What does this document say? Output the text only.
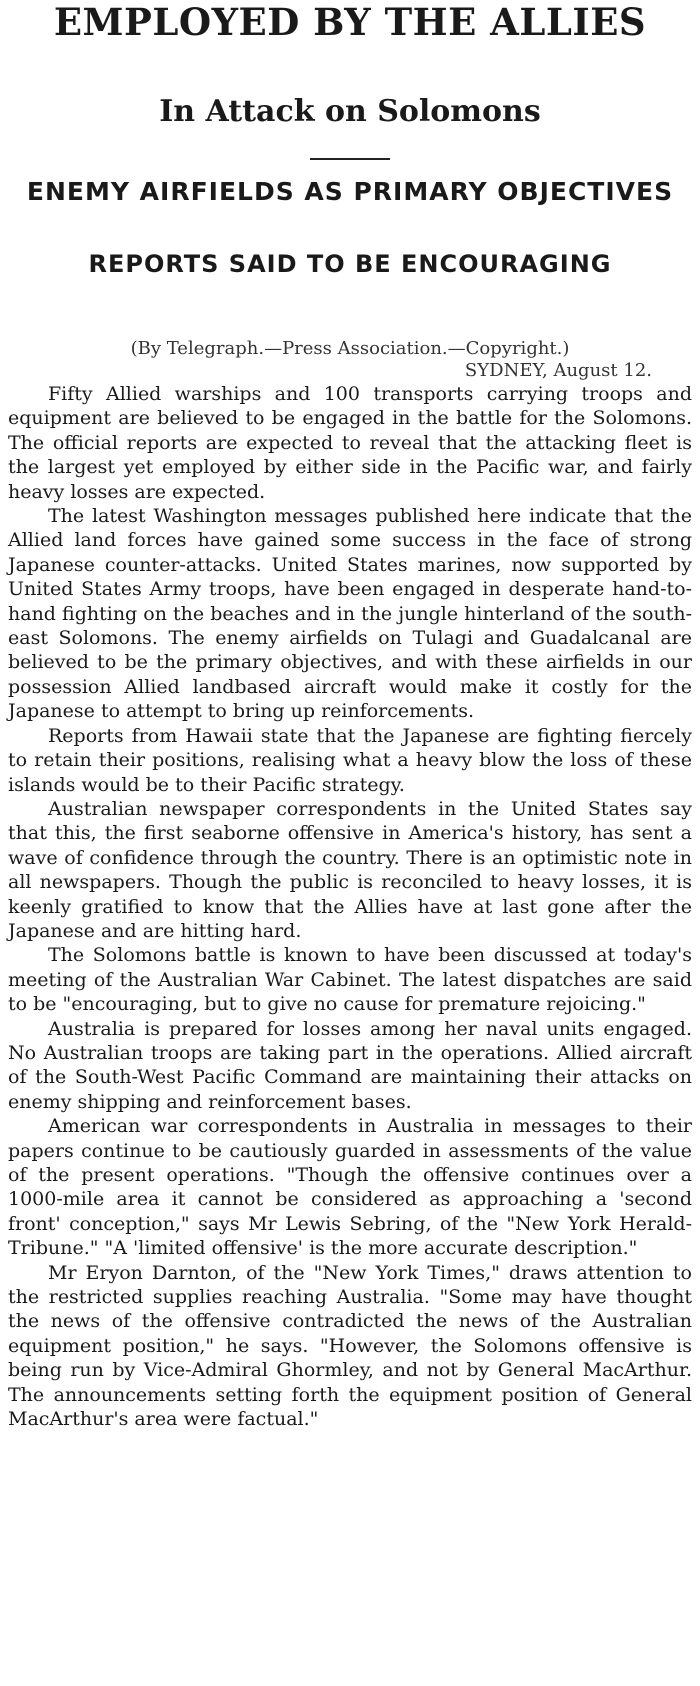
EMPLOYED BY THE ALLIES
In Attack on Solomons
ENEMY AIRFIELDS AS PRIMARY OBJECTIVES
REPORTS SAID TO BE ENCOURAGING
(By Telegraph.—Press Association.—Copyright.)
SYDNEY, August 12.

Fifty Allied warships and 100 transports carrying troops and equipment are believed to be engaged in the battle for the Solomons. The official reports are expected to reveal that the attacking fleet is the largest yet employed by either side in the Pacific war, and fairly heavy losses are expected.

The latest Washington messages published here indicate that the Allied land forces have gained some success in the face of strong Japanese counter-attacks. United States marines, now supported by United States Army troops, have been engaged in desperate hand-to-hand fighting on the beaches and in the jungle hinterland of the south-east Solomons. The enemy airfields on Tulagi and Guadalcanal are believed to be the primary objectives, and with these airfields in our possession Allied landbased aircraft would make it costly for the Japanese to attempt to bring up reinforcements.

Reports from Hawaii state that the Japanese are fighting fiercely to retain their positions, realising what a heavy blow the loss of these islands would be to their Pacific strategy.

Australian newspaper correspondents in the United States say that this, the first seaborne offensive in America's history, has sent a wave of confidence through the country. There is an optimistic note in all newspapers. Though the public is reconciled to heavy losses, it is keenly gratified to know that the Allies have at last gone after the Japanese and are hitting hard.

The Solomons battle is known to have been discussed at today's meeting of the Australian War Cabinet. The latest dispatches are said to be "encouraging, but to give no cause for premature rejoicing."

Australia is prepared for losses among her naval units engaged. No Australian troops are taking part in the operations. Allied aircraft of the South-West Pacific Command are maintaining their attacks on enemy shipping and reinforcement bases.

American war correspondents in Australia in messages to their papers continue to be cautiously guarded in assessments of the value of the present operations. "Though the offensive continues over a 1000-mile area it cannot be considered as approaching a 'second front' conception," says Mr Lewis Sebring, of the "New York Herald-Tribune." "A 'limited offensive' is the more accurate description."

Mr Eryon Darnton, of the "New York Times," draws attention to the restricted supplies reaching Australia. "Some may have thought the news of the offensive contradicted the news of the Australian equipment position," he says. "However, the Solomons offensive is being run by Vice-Admiral Ghormley, and not by General MacArthur. The announcements setting forth the equipment position of General MacArthur's area were factual."
